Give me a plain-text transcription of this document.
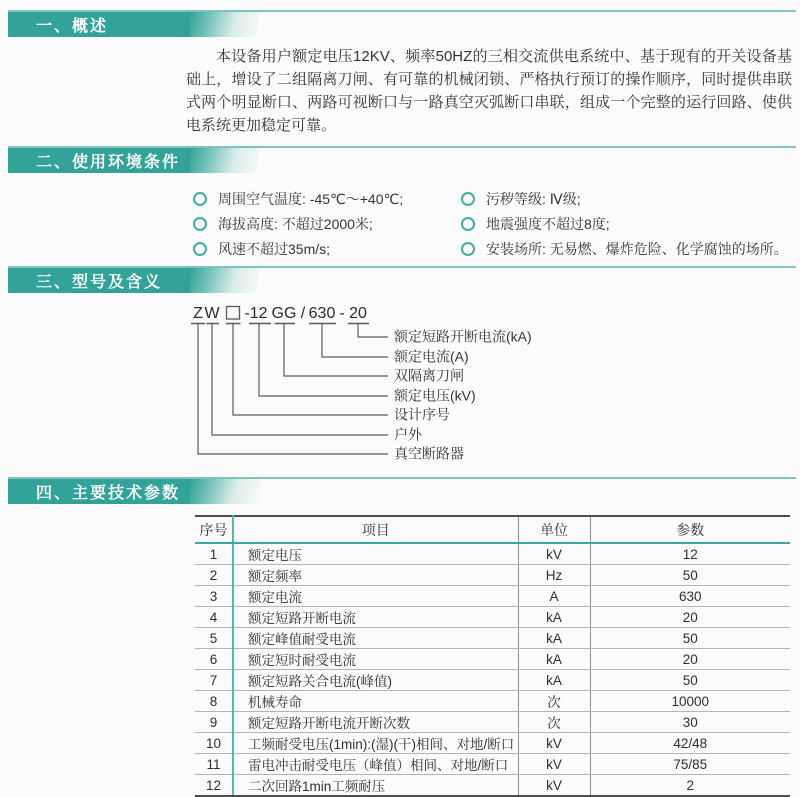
一、概述
本设备用户额定电压12KV、频率50HZ的三相交流供电系统中、基于现有的开关设备基础上，增设了二组隔离刀闸、有可靠的机械闭锁、严格执行预订的操作顺序，同时提供串联式两个明显断口、两路可视断口与一路真空灭弧断口串联，组成一个完整的运行回路、使供电系统更加稳定可靠。
二、使用环境条件
周围空气温度: -45℃～+40℃;
海拔高度: 不超过2000米;
风速不超过35m/s;
污秽等级: Ⅳ级;
地震强度不超过8度;
安装场所: 无易燃、爆炸危险、化学腐蚀的场所。
三、型号及含义
Z W -12 GG / 630 - 20
额定短路开断电流(kA)
额定电流(A)
双隔离刀闸
额定电压(kV)
设计序号
户外
真空断路器
四、主要技术参数
序号	项目	单位	参数
1	额定电压	kV	12
2	额定频率	Hz	50
3	额定电流	A	630
4	额定短路开断电流	kA	20
5	额定峰值耐受电流	kA	50
6	额定短时耐受电流	kA	20
7	额定短路关合电流(峰值)	kA	50
8	机械寿命	次	10000
9	额定短路开断电流开断次数	次	30
10	工频耐受电压(1min):(湿)(干)相间、对地/断口	kV	42/48
11	雷电冲击耐受电压（峰值）相间、对地/断口	kV	75/85
12	二次回路1min工频耐压	kV	2
